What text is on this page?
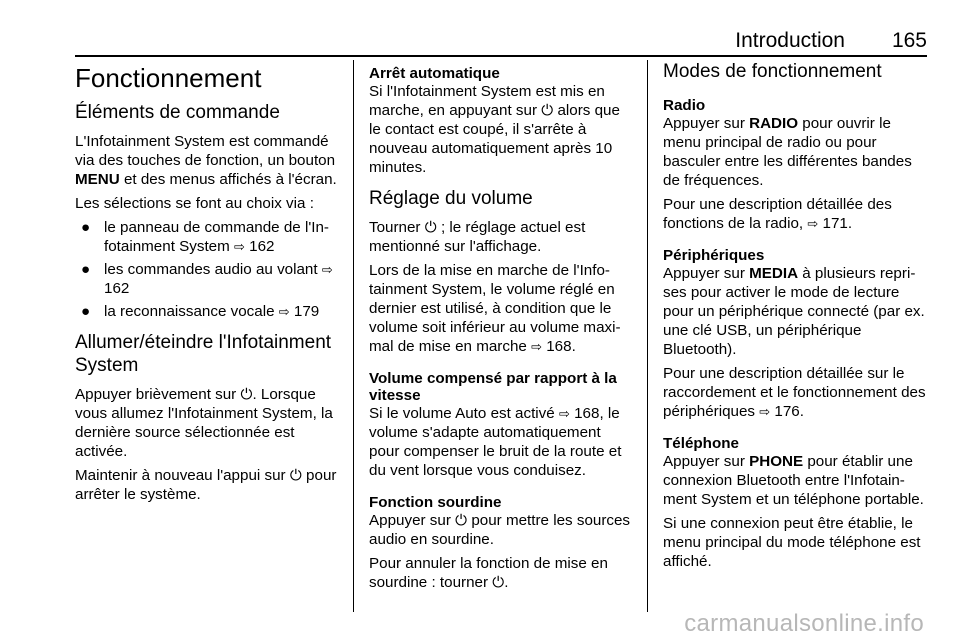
Introduction 165
Fonctionnement
Éléments de commande

L'Infotainment System est commandé via des touches de fonction, un bouton MENU et des menus affichés à l'écran.

Les sélections se font au choix via :

● le panneau de commande de l'Infotainment System ⇨ 162
● les commandes audio au volant ⇨ 162
● la reconnaissance vocale ⇨ 179
Allumer/éteindre l'Infotainment System

Appuyer brièvement sur ⏻. Lorsque vous allumez l'Infotainment System, la dernière source sélectionnée est activée.

Maintenir à nouveau l'appui sur ⏻ pour arrêter le système.

Arrêt automatique

Si l'Infotainment System est mis en marche, en appuyant sur ⏻ alors que le contact est coupé, il s'arrête à nouveau automatiquement après 10 minutes.

Réglage du volume

Tourner ⏻ ; le réglage actuel est mentionné sur l'affichage.

Lors de la mise en marche de l'Infotainment System, le volume réglé en dernier est utilisé, à condition que le volume soit inférieur au volume maximal de mise en marche ⇨ 168.

Volume compensé par rapport à la vitesse

Si le volume Auto est activé ⇨ 168, le volume s'adapte automatiquement pour compenser le bruit de la route et du vent lorsque vous conduisez.

Fonction sourdine

Appuyer sur ⏻ pour mettre les sources audio en sourdine.

Pour annuler la fonction de mise en sourdine : tourner ⏻.

Modes de fonctionnement
Radio

Appuyer sur RADIO pour ouvrir le menu principal de radio ou pour basculer entre les différentes bandes de fréquences.

Pour une description détaillée des fonctions de la radio, ⇨ 171.

Périphériques

Appuyer sur MEDIA à plusieurs reprises pour activer le mode de lecture pour un périphérique connecté (par ex. une clé USB, un périphérique Bluetooth).

Pour une description détaillée sur le raccordement et le fonctionnement des périphériques ⇨ 176.

Téléphone

Appuyer sur PHONE pour établir une connexion Bluetooth entre l'Infotainment System et un téléphone portable.

Si une connexion peut être établie, le menu principal du mode téléphone est affiché.

carmanualsonline.info
